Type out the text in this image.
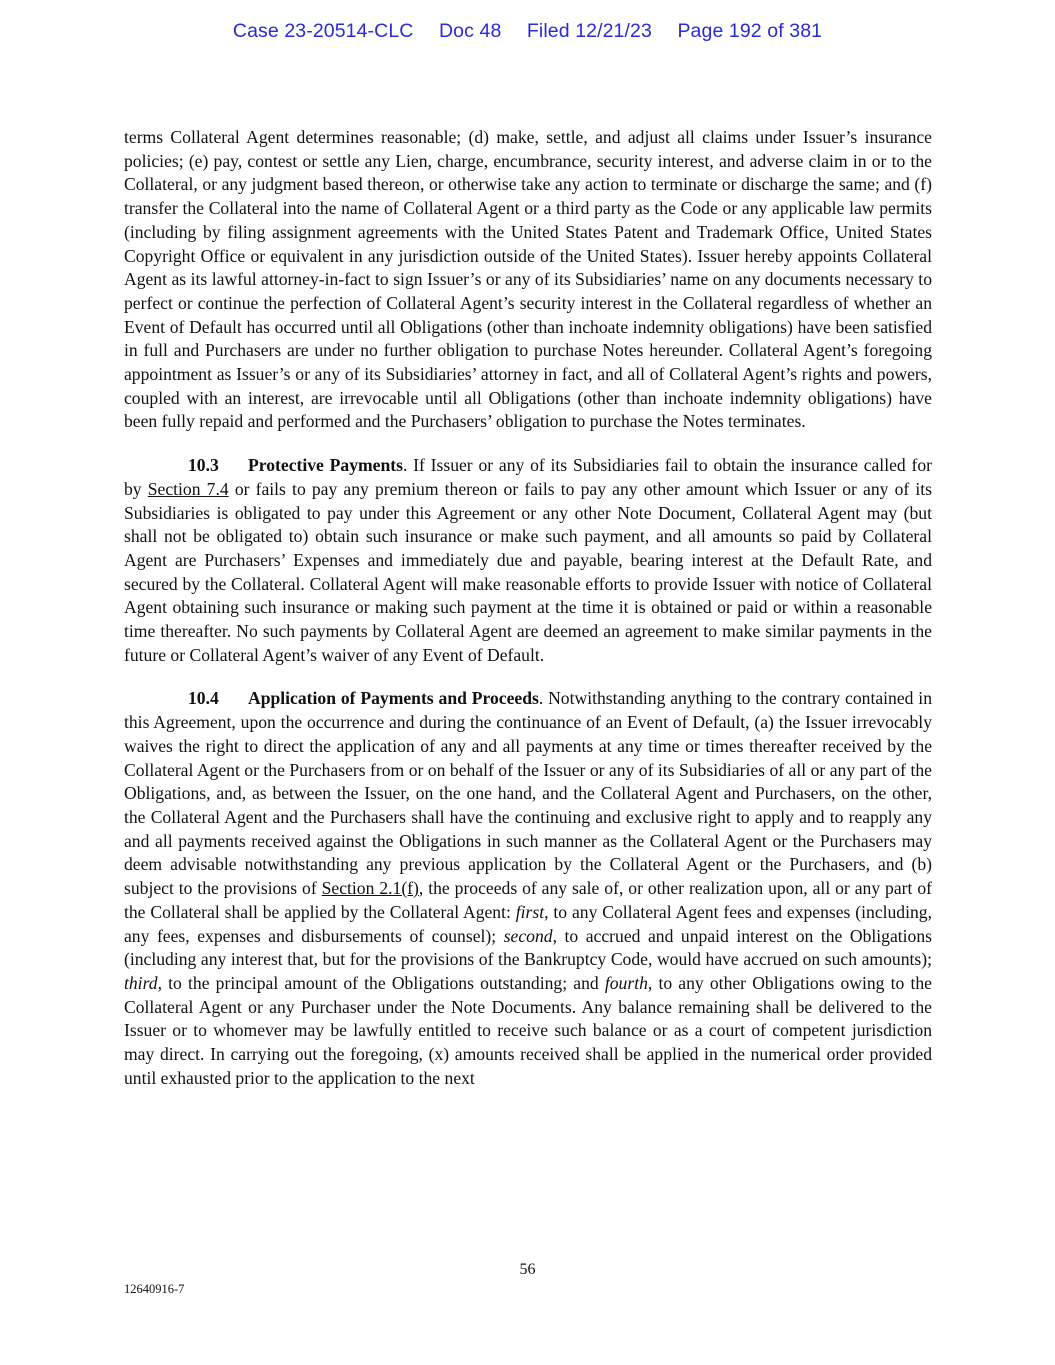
Case 23-20514-CLC Doc 48 Filed 12/21/23 Page 192 of 381

terms Collateral Agent determines reasonable; (d) make, settle, and adjust all claims under Issuer’s insurance policies; (e) pay, contest or settle any Lien, charge, encumbrance, security interest, and adverse claim in or to the Collateral, or any judgment based thereon, or otherwise take any action to terminate or discharge the same; and (f) transfer the Collateral into the name of Collateral Agent or a third party as the Code or any applicable law permits (including by filing assignment agreements with the United States Patent and Trademark Office, United States Copyright Office or equivalent in any jurisdiction outside of the United States). Issuer hereby appoints Collateral Agent as its lawful attorney-in-fact to sign Issuer’s or any of its Subsidiaries’ name on any documents necessary to perfect or continue the perfection of Collateral Agent’s security interest in the Collateral regardless of whether an Event of Default has occurred until all Obligations (other than inchoate indemnity obligations) have been satisfied in full and Purchasers are under no further obligation to purchase Notes hereunder. Collateral Agent’s foregoing appointment as Issuer’s or any of its Subsidiaries’ attorney in fact, and all of Collateral Agent’s rights and powers, coupled with an interest, are irrevocable until all Obligations (other than inchoate indemnity obligations) have been fully repaid and performed and the Purchasers’ obligation to purchase the Notes terminates.

10.3 Protective Payments. If Issuer or any of its Subsidiaries fail to obtain the insurance called for by Section 7.4 or fails to pay any premium thereon or fails to pay any other amount which Issuer or any of its Subsidiaries is obligated to pay under this Agreement or any other Note Document, Collateral Agent may (but shall not be obligated to) obtain such insurance or make such payment, and all amounts so paid by Collateral Agent are Purchasers’ Expenses and immediately due and payable, bearing interest at the Default Rate, and secured by the Collateral. Collateral Agent will make reasonable efforts to provide Issuer with notice of Collateral Agent obtaining such insurance or making such payment at the time it is obtained or paid or within a reasonable time thereafter. No such payments by Collateral Agent are deemed an agreement to make similar payments in the future or Collateral Agent’s waiver of any Event of Default.

10.4 Application of Payments and Proceeds. Notwithstanding anything to the contrary contained in this Agreement, upon the occurrence and during the continuance of an Event of Default, (a) the Issuer irrevocably waives the right to direct the application of any and all payments at any time or times thereafter received by the Collateral Agent or the Purchasers from or on behalf of the Issuer or any of its Subsidiaries of all or any part of the Obligations, and, as between the Issuer, on the one hand, and the Collateral Agent and Purchasers, on the other, the Collateral Agent and the Purchasers shall have the continuing and exclusive right to apply and to reapply any and all payments received against the Obligations in such manner as the Collateral Agent or the Purchasers may deem advisable notwithstanding any previous application by the Collateral Agent or the Purchasers, and (b) subject to the provisions of Section 2.1(f), the proceeds of any sale of, or other realization upon, all or any part of the Collateral shall be applied by the Collateral Agent: first, to any Collateral Agent fees and expenses (including, any fees, expenses and disbursements of counsel); second, to accrued and unpaid interest on the Obligations (including any interest that, but for the provisions of the Bankruptcy Code, would have accrued on such amounts); third, to the principal amount of the Obligations outstanding; and fourth, to any other Obligations owing to the Collateral Agent or any Purchaser under the Note Documents. Any balance remaining shall be delivered to the Issuer or to whomever may be lawfully entitled to receive such balance or as a court of competent jurisdiction may direct. In carrying out the foregoing, (x) amounts received shall be applied in the numerical order provided until exhausted prior to the application to the next

56
12640916-7
